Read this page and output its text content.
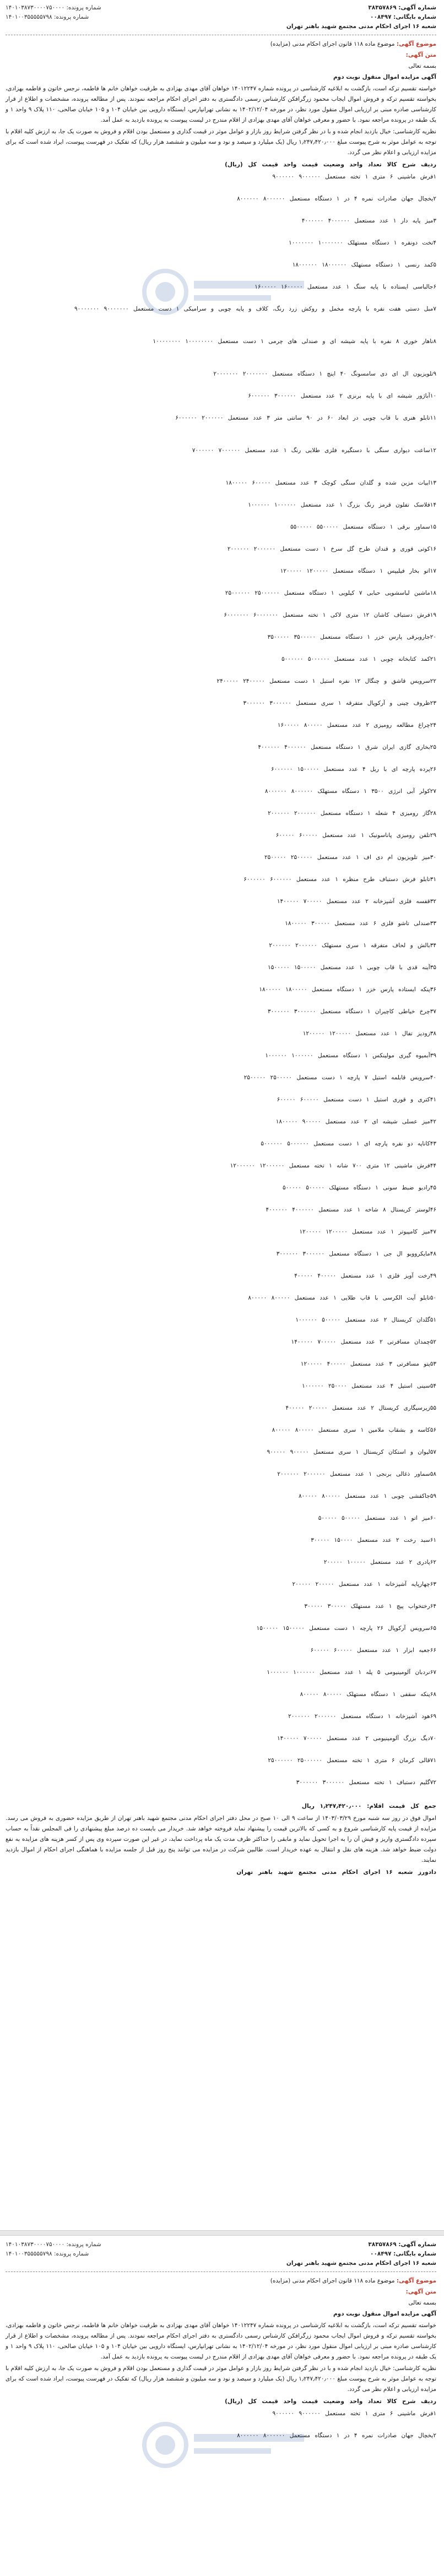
شماره آگهی: ۳۸۳۵۷۸۶۹
شماره بایگانی: ۰۰۸۴۹۷
شعبه ۱۶ اجرای احکام مدنی مجتمع شهید باهنر تهران
شماره پرونده: ۱۴۰۱۰۳۸۷۳۰۰۰۰۷۵۰۰۰۰
شماره پرونده: ۱۴۰۱۰۰۳۵۵۵۵۵۷۹۸
موضوع آگهی: موضوع ماده ۱۱۸ قانون اجرای احکام مدنی (مزایده)
متن آگهی:
بسمه تعالی
آگهی مزایده اموال منقول نوبت دوم

خواسته تقسیم ترکه است، بازگشت به ابلاغیه کارشناسی در پرونده شماره ۱۴۰۱۲۲۴۷ خواهان آقای مهدی بهزادی به طرفیت خواهان خانم ها فاطمه، نرجس خاتون و فاطمه بهزادی، بخواسته تقسیم ترکه و فروش اموال ایجاب محمود زرگرافکن کارشناس رسمی دادگستری به دفتر اجرای احکام مراجعه نمودند. پس از مطالعه پرونده، مشخصات و اطلاع از قرار کارشناسی صادره مبنی بر ارزیابی اموال منقول مورد نظر، در مورخه ۱۴۰۲/۱۲/۰۴ به نشانی تهرانپارس، ایستگاه دارویی بین خیابان ۱۰۴ و ۱۰۵ خیابان صالحی، ۱۱۰ پلاک ۹ واحد ۱ و یک طبقه در پرونده مراجعه نمود. با حضور و معرفی خواهان آقای مهدی بهزادی از اقلام مندرج در لیست پیوست به پرونده بازدید به عمل آمد.

نظریه کارشناسی: خیال بازدید انجام شده و با در نظر گرفتن شرایط روز بازار و عوامل موثر در قیمت گذاری و مستعمل بودن اقلام و فروش به صورت یک جا، به ارزش کلیه اقلام با توجه به عوامل موثر به شرح پیوست مبلغ ۱٫۲۴۷٫۴۲۰٫۰۰۰ ریال (یک میلیارد و سیصد و نود و سه میلیون و ششصد هزار ریال) که تفکیک در فهرست پیوست، ایراد شده است که برای مزایده ارزیابی و اعلام نظر می گردد.

ردیف شرح کالا تعداد واحد وضعیت قیمت واحد قیمت کل (ریال)
۱فرش ماشینی ۶ متری ۱ تخته مستعمل ۹۰۰۰۰۰۰ ۹۰۰۰۰۰۰
۲یخچال جهان صادرات نمره ۴ در ۱ دستگاه مستعمل ۸۰۰۰۰۰۰ ۸۰۰۰۰۰۰
۳میز پایه دار ۱ عدد مستعمل ۴۰۰۰۰۰۰ ۴۰۰۰۰۰۰
۴تخت دونفره ۱ دستگاه مستهلک ۱۰۰۰۰۰۰۰ ۱۰۰۰۰۰۰۰
۵کمد رنسی ۱ دستگاه مستهلک ۱۸۰۰۰۰۰۰ ۱۸۰۰۰۰۰۰
۶جالباسی ایستاده با پایه سنگ ۱ عدد مستعمل ۱۶۰۰۰۰۰ ۱۶۰۰۰۰۰
۷مبل دستی هفت نفره با پارچه مخمل و روکش زرد رنگ، کلاف و پایه چوبی و سرامیکی ۱ دست مستعمل ۹۰۰۰۰۰۰۰ ۹۰۰۰۰۰۰۰
۸ناهار خوری ۸ نفره با پایه شیشه ای و صندلی های چرمی ۱ دست مستعمل ۱۰۰۰۰۰۰۰۰ ۱۰۰۰۰۰۰۰۰
۹تلویزیون ال ای دی سامسونگ ۴۰ اینچ ۱ دستگاه مستعمل ۲۰۰۰۰۰۰۰ ۲۰۰۰۰۰۰۰
۱۰آباژور شیشه ای با پایه برنزی ۲ عدد مستعمل ۳۰۰۰۰۰۰ ۶۰۰۰۰۰۰
۱۱تابلو هنری با قاب چوبی در ابعاد ۶۰ در ۹۰ سانتی متر ۳ عدد مستعمل ۲۰۰۰۰۰۰ ۶۰۰۰۰۰۰
۱۲ساعت دیواری سنگی با دستگیره فلزی طلایی رنگ ۱ عدد مستعمل ۷۰۰۰۰۰۰ ۷۰۰۰۰۰۰
۱۳ابیات مزین شده و گلدان سنگی کوچک ۳ عدد مستعمل ۶۰۰۰۰۰ ۱۸۰۰۰۰۰
۱۴فلاسک تفلون قرمز رنگ بزرگ ۱ عدد مستعمل ۱۰۰۰۰۰۰ ۱۰۰۰۰۰۰
۱۵سماور برقی ۱ دستگاه مستعمل ۵۵۰۰۰۰۰ ۵۵۰۰۰۰۰
۱۶کوتی قوری و قندان طرح گل سرخ ۱ دست مستعمل ۲۰۰۰۰۰۰ ۲۰۰۰۰۰۰
۱۷اتو بخار فیلیپس ۱ دستگاه مستعمل ۱۲۰۰۰۰۰ ۱۲۰۰۰۰۰
۱۸ماشین لباسشویی حبابی ۷ کیلویی ۱ دستگاه مستعمل ۲۵۰۰۰۰۰۰ ۲۵۰۰۰۰۰۰
۱۹فرش دستباف کاشان ۱۲ متری لاکی ۱ تخته مستعمل ۶۰۰۰۰۰۰۰ ۶۰۰۰۰۰۰۰
۲۰جاروبرقی پارس خزر ۱ دستگاه مستعمل ۳۵۰۰۰۰۰ ۳۵۰۰۰۰۰
۲۱کمد کتابخانه چوبی ۱ عدد مستعمل ۵۰۰۰۰۰۰ ۵۰۰۰۰۰۰
۲۲سرویس قاشق و چنگال ۱۲ نفره استیل ۱ دست مستعمل ۲۴۰۰۰۰۰ ۲۴۰۰۰۰۰
۲۳ظروف چینی و آرکوپال متفرقه ۱ سری مستعمل ۳۰۰۰۰۰۰ ۳۰۰۰۰۰۰
۲۴چراغ مطالعه رومیزی ۲ عدد مستعمل ۸۰۰۰۰۰ ۱۶۰۰۰۰۰
۲۵بخاری گازی ایران شرق ۱ دستگاه مستعمل ۴۰۰۰۰۰۰ ۴۰۰۰۰۰۰
۲۶پرده پارچه ای با ریل ۴ عدد مستعمل ۱۵۰۰۰۰۰ ۶۰۰۰۰۰۰
۲۷کولر آبی انرژی ۳۵۰۰ ۱ دستگاه مستهلک ۸۰۰۰۰۰۰ ۸۰۰۰۰۰۰
۲۸گاز رومیزی ۴ شعله ۱ دستگاه مستعمل ۲۰۰۰۰۰۰ ۲۰۰۰۰۰۰
۲۹تلفن رومیزی پاناسونیک ۱ عدد مستعمل ۶۰۰۰۰۰ ۶۰۰۰۰۰
۳۰میز تلویزیون ام دی اف ۱ عدد مستعمل ۲۵۰۰۰۰۰ ۲۵۰۰۰۰۰
۳۱تابلو فرش دستباف طرح منظره ۱ عدد مستعمل ۶۰۰۰۰۰۰ ۶۰۰۰۰۰۰
۳۲قفسه فلزی آشپزخانه ۲ عدد مستعمل ۷۰۰۰۰۰ ۱۴۰۰۰۰۰
۳۳صندلی تاشو فلزی ۶ عدد مستعمل ۳۰۰۰۰۰ ۱۸۰۰۰۰۰
۳۴بالش و لحاف متفرقه ۱ سری مستهلک ۲۰۰۰۰۰۰ ۲۰۰۰۰۰۰
۳۵آینه قدی با قاب چوبی ۱ عدد مستعمل ۱۵۰۰۰۰۰ ۱۵۰۰۰۰۰
۳۶پنکه ایستاده پارس خزر ۱ دستگاه مستعمل ۱۸۰۰۰۰۰ ۱۸۰۰۰۰۰
۳۷چرخ خیاطی کاچیران ۱ دستگاه مستعمل ۳۰۰۰۰۰۰ ۳۰۰۰۰۰۰
۳۸زودپز تفال ۱ عدد مستعمل ۱۲۰۰۰۰۰ ۱۲۰۰۰۰۰
۳۹آبمیوه گیری مولینکس ۱ دستگاه مستعمل ۱۰۰۰۰۰۰ ۱۰۰۰۰۰۰
۴۰سرویس قابلمه استیل ۷ پارچه ۱ دست مستعمل ۲۵۰۰۰۰۰ ۲۵۰۰۰۰۰
۴۱کتری و قوری استیل ۱ دست مستعمل ۶۰۰۰۰۰ ۶۰۰۰۰۰
۴۲میز عسلی شیشه ای ۲ عدد مستعمل ۹۰۰۰۰۰ ۱۸۰۰۰۰۰
۴۳کاناپه دو نفره پارچه ای ۱ دست مستعمل ۵۰۰۰۰۰۰ ۵۰۰۰۰۰۰
۴۴فرش ماشینی ۱۲ متری ۷۰۰ شانه ۱ تخته مستعمل ۱۲۰۰۰۰۰۰ ۱۲۰۰۰۰۰۰
۴۵رادیو ضبط سونی ۱ دستگاه مستهلک ۵۰۰۰۰۰ ۵۰۰۰۰۰
۴۶لوستر کریستال ۸ شاخه ۱ عدد مستعمل ۴۰۰۰۰۰۰ ۴۰۰۰۰۰۰
۴۷میز کامپیوتر ۱ عدد مستعمل ۱۲۰۰۰۰۰ ۱۲۰۰۰۰۰
۴۸مایکروویو ال جی ۱ دستگاه مستعمل ۳۰۰۰۰۰۰ ۳۰۰۰۰۰۰
۴۹رخت آویز فلزی ۱ عدد مستعمل ۴۰۰۰۰۰ ۴۰۰۰۰۰
۵۰تابلو آیت الکرسی با قاب طلایی ۱ عدد مستعمل ۸۰۰۰۰۰ ۸۰۰۰۰۰
۵۱گلدان کریستال ۲ عدد مستعمل ۵۰۰۰۰۰ ۱۰۰۰۰۰۰
۵۲چمدان مسافرتی ۲ عدد مستعمل ۷۰۰۰۰۰ ۱۴۰۰۰۰۰
۵۳پتو مسافرتی ۳ عدد مستعمل ۴۰۰۰۰۰ ۱۲۰۰۰۰۰
۵۴سینی استیل ۴ عدد مستعمل ۲۵۰۰۰۰ ۱۰۰۰۰۰۰
۵۵زیرسیگاری کریستال ۲ عدد مستعمل ۲۰۰۰۰۰ ۴۰۰۰۰۰
۵۶کاسه و بشقاب ملامین ۱ سری مستعمل ۸۰۰۰۰۰ ۸۰۰۰۰۰
۵۷لیوان و استکان کریستال ۱ سری مستعمل ۹۰۰۰۰۰ ۹۰۰۰۰۰
۵۸سماور ذغالی برنجی ۱ عدد مستعمل ۲۰۰۰۰۰۰ ۲۰۰۰۰۰۰
۵۹جاکفشی چوبی ۱ عدد مستعمل ۸۰۰۰۰۰ ۸۰۰۰۰۰
۶۰میز اتو ۱ عدد مستعمل ۵۰۰۰۰۰ ۵۰۰۰۰۰
۶۱سبد رخت ۲ عدد مستعمل ۱۵۰۰۰۰ ۳۰۰۰۰۰
۶۲پادری ۲ عدد مستعمل ۱۰۰۰۰۰ ۲۰۰۰۰۰
۶۳چهارپایه آشپزخانه ۱ عدد مستعمل ۲۰۰۰۰۰ ۲۰۰۰۰۰
۶۴رختخواب پیچ ۱ عدد مستهلک ۳۰۰۰۰۰ ۳۰۰۰۰۰
۶۵سرویس آرکوپال ۲۶ پارچه ۱ دست مستعمل ۱۵۰۰۰۰۰ ۱۵۰۰۰۰۰
۶۶جعبه ابزار ۱ عدد مستعمل ۶۰۰۰۰۰ ۶۰۰۰۰۰
۶۷نردبان آلومینیومی ۵ پله ۱ عدد مستعمل ۱۰۰۰۰۰۰ ۱۰۰۰۰۰۰
۶۸پنکه سقفی ۱ دستگاه مستهلک ۸۰۰۰۰۰ ۸۰۰۰۰۰
۶۹هود آشپزخانه ۱ دستگاه مستعمل ۲۰۰۰۰۰۰ ۲۰۰۰۰۰۰
۷۰دیگ بزرگ آلومینیومی ۲ عدد مستعمل ۷۰۰۰۰۰ ۱۴۰۰۰۰۰
۷۱قالی کرمان ۶ متری ۱ تخته مستعمل ۲۵۰۰۰۰۰۰ ۲۵۰۰۰۰۰۰
۷۲گلیم دستباف ۱ تخته مستعمل ۳۰۰۰۰۰۰ ۳۰۰۰۰۰۰
جمع کل قیمت اقلام: ۱٫۲۴۷٫۴۲۰٫۰۰۰ ریال

اموال فوق در روز سه شنبه مورخ ۱۴۰۳/۰۳/۲۹ از ساعت ۹ الی ۱۰ صبح در محل دفتر اجرای احکام مدنی مجتمع شهید باهنر تهران از طریق مزایده حضوری به فروش می رسد. مزایده از قیمت پایه کارشناسی شروع و به کسی که بالاترین قیمت را پیشنهاد نماید فروخته خواهد شد. خریدار می بایست ده درصد مبلغ پیشنهادی را فی المجلس نقداً به حساب سپرده دادگستری واریز و فیش آن را به اجرا تحویل نماید و مابقی را حداکثر ظرف مدت یک ماه پرداخت نماید، در غیر این صورت سپرده وی پس از کسر هزینه های مزایده به نفع دولت ضبط خواهد شد. هزینه های نقل و انتقال به عهده خریدار است. طالبین شرکت در مزایده می توانند پنج روز قبل از جلسه مزایده با هماهنگی اجرای احکام از اموال بازدید نمایند.

دادورز شعبه ۱۶ اجرای احکام مدنی مجتمع شهید باهنر تهران
شماره آگهی: ۳۸۳۵۷۸۶۹
شماره بایگانی: ۰۰۸۴۹۷
شعبه ۱۶ اجرای احکام مدنی مجتمع شهید باهنر تهران
شماره پرونده: ۱۴۰۱۰۳۸۷۳۰۰۰۰۷۵۰۰۰۰
شماره پرونده: ۱۴۰۱۰۰۳۵۵۵۵۵۷۹۸
موضوع آگهی: موضوع ماده ۱۱۸ قانون اجرای احکام مدنی (مزایده)
متن آگهی:
بسمه تعالی
آگهی مزایده اموال منقول نوبت دوم

خواسته تقسیم ترکه است، بازگشت به ابلاغیه کارشناسی در پرونده شماره ۱۴۰۱۲۲۴۷ خواهان آقای مهدی بهزادی به طرفیت خواهان خانم ها فاطمه، نرجس خاتون و فاطمه بهزادی، بخواسته تقسیم ترکه و فروش اموال ایجاب محمود زرگرافکن کارشناس رسمی دادگستری به دفتر اجرای احکام مراجعه نمودند. پس از مطالعه پرونده، مشخصات و اطلاع از قرار کارشناسی صادره مبنی بر ارزیابی اموال منقول مورد نظر، در مورخه ۱۴۰۲/۱۲/۰۴ به نشانی تهرانپارس، ایستگاه دارویی بین خیابان ۱۰۴ و ۱۰۵ خیابان صالحی، ۱۱۰ پلاک ۹ واحد ۱ و یک طبقه در پرونده مراجعه نمود. با حضور و معرفی خواهان آقای مهدی بهزادی از اقلام مندرج در لیست پیوست به پرونده بازدید به عمل آمد.

نظریه کارشناسی: خیال بازدید انجام شده و با در نظر گرفتن شرایط روز بازار و عوامل موثر در قیمت گذاری و مستعمل بودن اقلام و فروش به صورت یک جا، به ارزش کلیه اقلام با توجه به عوامل موثر به شرح پیوست مبلغ ۱٫۲۴۷٫۴۲۰٫۰۰۰ ریال (یک میلیارد و سیصد و نود و سه میلیون و ششصد هزار ریال) که تفکیک در فهرست پیوست، ایراد شده است که برای مزایده ارزیابی و اعلام نظر می گردد.

ردیف شرح کالا تعداد واحد وضعیت قیمت واحد قیمت کل (ریال)
۱فرش ماشینی ۶ متری ۱ تخته مستعمل ۹۰۰۰۰۰۰ ۹۰۰۰۰۰۰
۲یخچال جهان صادرات نمره ۴ در ۱ دستگاه مستعمل ۸۰۰۰۰۰۰ ۸۰۰۰۰۰۰
